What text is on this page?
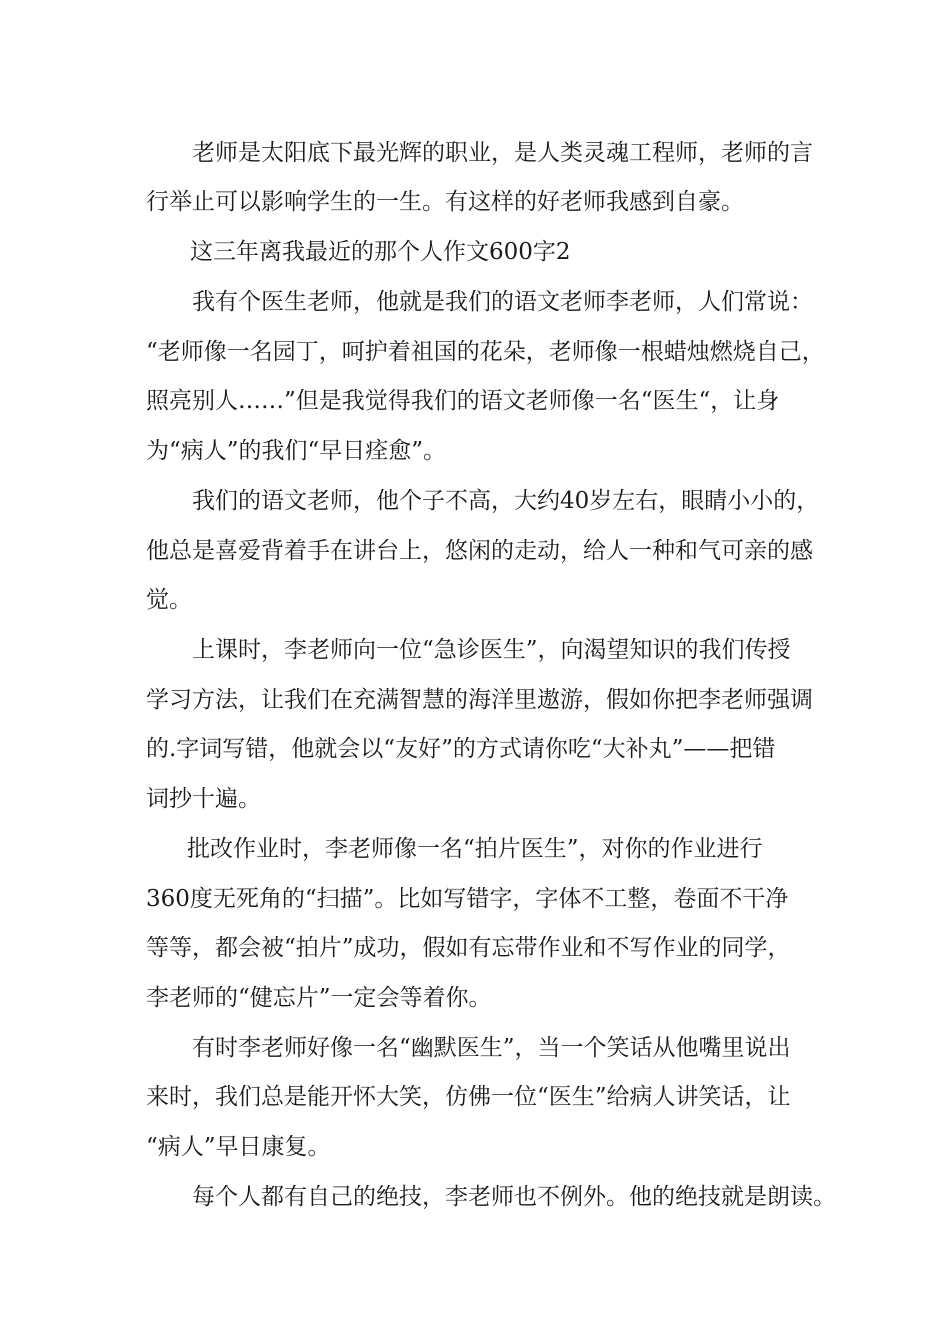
老师是太阳底下最光辉的职业，是人类灵魂工程师，老师的言
行举止可以影响学生的一生。有这样的好老师我感到自豪。
这三年离我最近的那个人作文600字2
我有个医生老师，他就是我们的语文老师李老师，人们常说：
“老师像一名园丁，呵护着祖国的花朵，老师像一根蜡烛燃烧自己，
照亮别人……”但是我觉得我们的语文老师像一名“医生“，让身
为“病人”的我们“早日痊愈”。
我们的语文老师，他个子不高，大约40岁左右，眼睛小小的，
他总是喜爱背着手在讲台上，悠闲的走动，给人一种和气可亲的感
觉。
上课时，李老师向一位“急诊医生”，向渴望知识的我们传授
学习方法，让我们在充满智慧的海洋里遨游，假如你把李老师强调
的.字词写错，他就会以“友好”的方式请你吃“大补丸”——把错
词抄十遍。
批改作业时，李老师像一名“拍片医生”，对你的作业进行
360度无死角的“扫描”。比如写错字，字体不工整，卷面不干净
等等，都会被“拍片”成功，假如有忘带作业和不写作业的同学，
李老师的“健忘片”一定会等着你。
有时李老师好像一名“幽默医生”，当一个笑话从他嘴里说出
来时，我们总是能开怀大笑，仿佛一位“医生”给病人讲笑话，让
“病人”早日康复。
每个人都有自己的绝技，李老师也不例外。他的绝技就是朗读。
